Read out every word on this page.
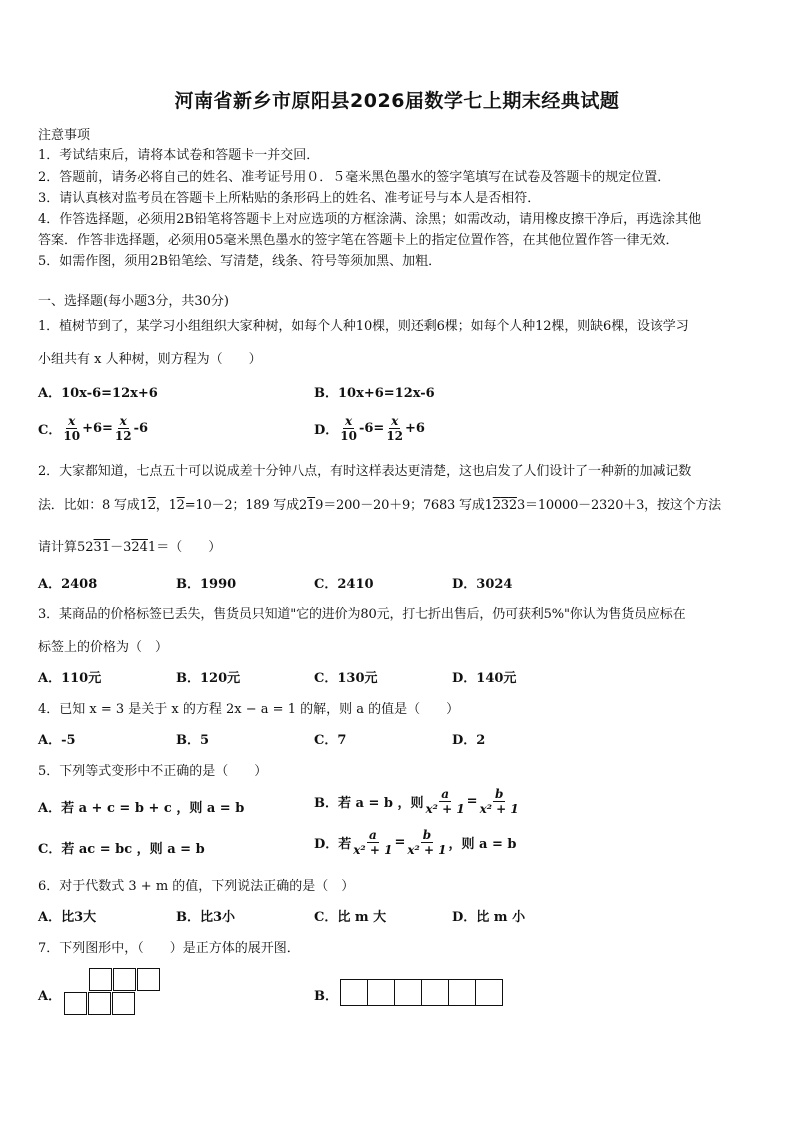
河南省新乡市原阳县2026届数学七上期末经典试题
注意事项
1．考试结束后，请将本试卷和答题卡一并交回．
2．答题前，请务必将自己的姓名、准考证号用０．５毫米黑色墨水的签字笔填写在试卷及答题卡的规定位置．
3．请认真核对监考员在答题卡上所粘贴的条形码上的姓名、准考证号与本人是否相符．
4．作答选择题，必须用2B铅笔将答题卡上对应选项的方框涂满、涂黑；如需改动，请用橡皮擦干净后，再选涂其他
答案．作答非选择题，必须用05毫米黑色墨水的签字笔在答题卡上的指定位置作答，在其他位置作答一律无效．
5．如需作图，须用2B铅笔绘、写清楚，线条、符号等须加黑、加粗．
一、选择题(每小题3分，共30分)
1．植树节到了，某学习小组组织大家种树，如每个人种10棵，则还剩6棵；如每个人种12棵，则缺6棵，设该学习
小组共有 x 人种树，则方程为（　　）
A．10x-6=12x+6	B．10x+6=12x-6
C． $\frac{x}{10} +6= \frac{x}{12} -6$	D． $\frac{x}{10} -6= \frac{x}{12} +6$
2．大家都知道，七点五十可以说成差十分钟八点，有时这样表达更清楚，这也启发了人们设计了一种新的加减记数
法．比如：8 写成12，12=10－2；189 写成219＝200－20＋9；7683 写成12323＝10000－2320＋3，按这个方法
请计算5231－3241＝（　　）
A．2408	B．1990	C．2410	D．3024
3．某商品的价格标签已丢失，售货员只知道"它的进价为80元，打七折出售后，仍可获利5%"你认为售货员应标在
标签上的价格为（　）
A．110元	B．120元	C．130元	D．140元
4．已知 x = 3 是关于 x 的方程 2x − a = 1 的解，则 a 的值是（　　）
A．-5	B．5	C．7	D．2
5．下列等式变形中不正确的是（　　）
A．若 a + c = b + c ，则 a = b	B．若 a = b ，则 $\frac{a}{\text{x² + 1}} = \frac{b}{\text{x² + 1}}$
C．若 ac = bc ，则 a = b	D．若 $\frac{a}{\text{x² + 1}} = \frac{b}{\text{x² + 1}}$ ，则 a = b
6．对于代数式 3 + m 的值，下列说法正确的是（　）
A．比3大	B．比3小	C．比 m 大	D．比 m 小
7．下列图形中，（　　）是正方体的展开图．
A．	B．
